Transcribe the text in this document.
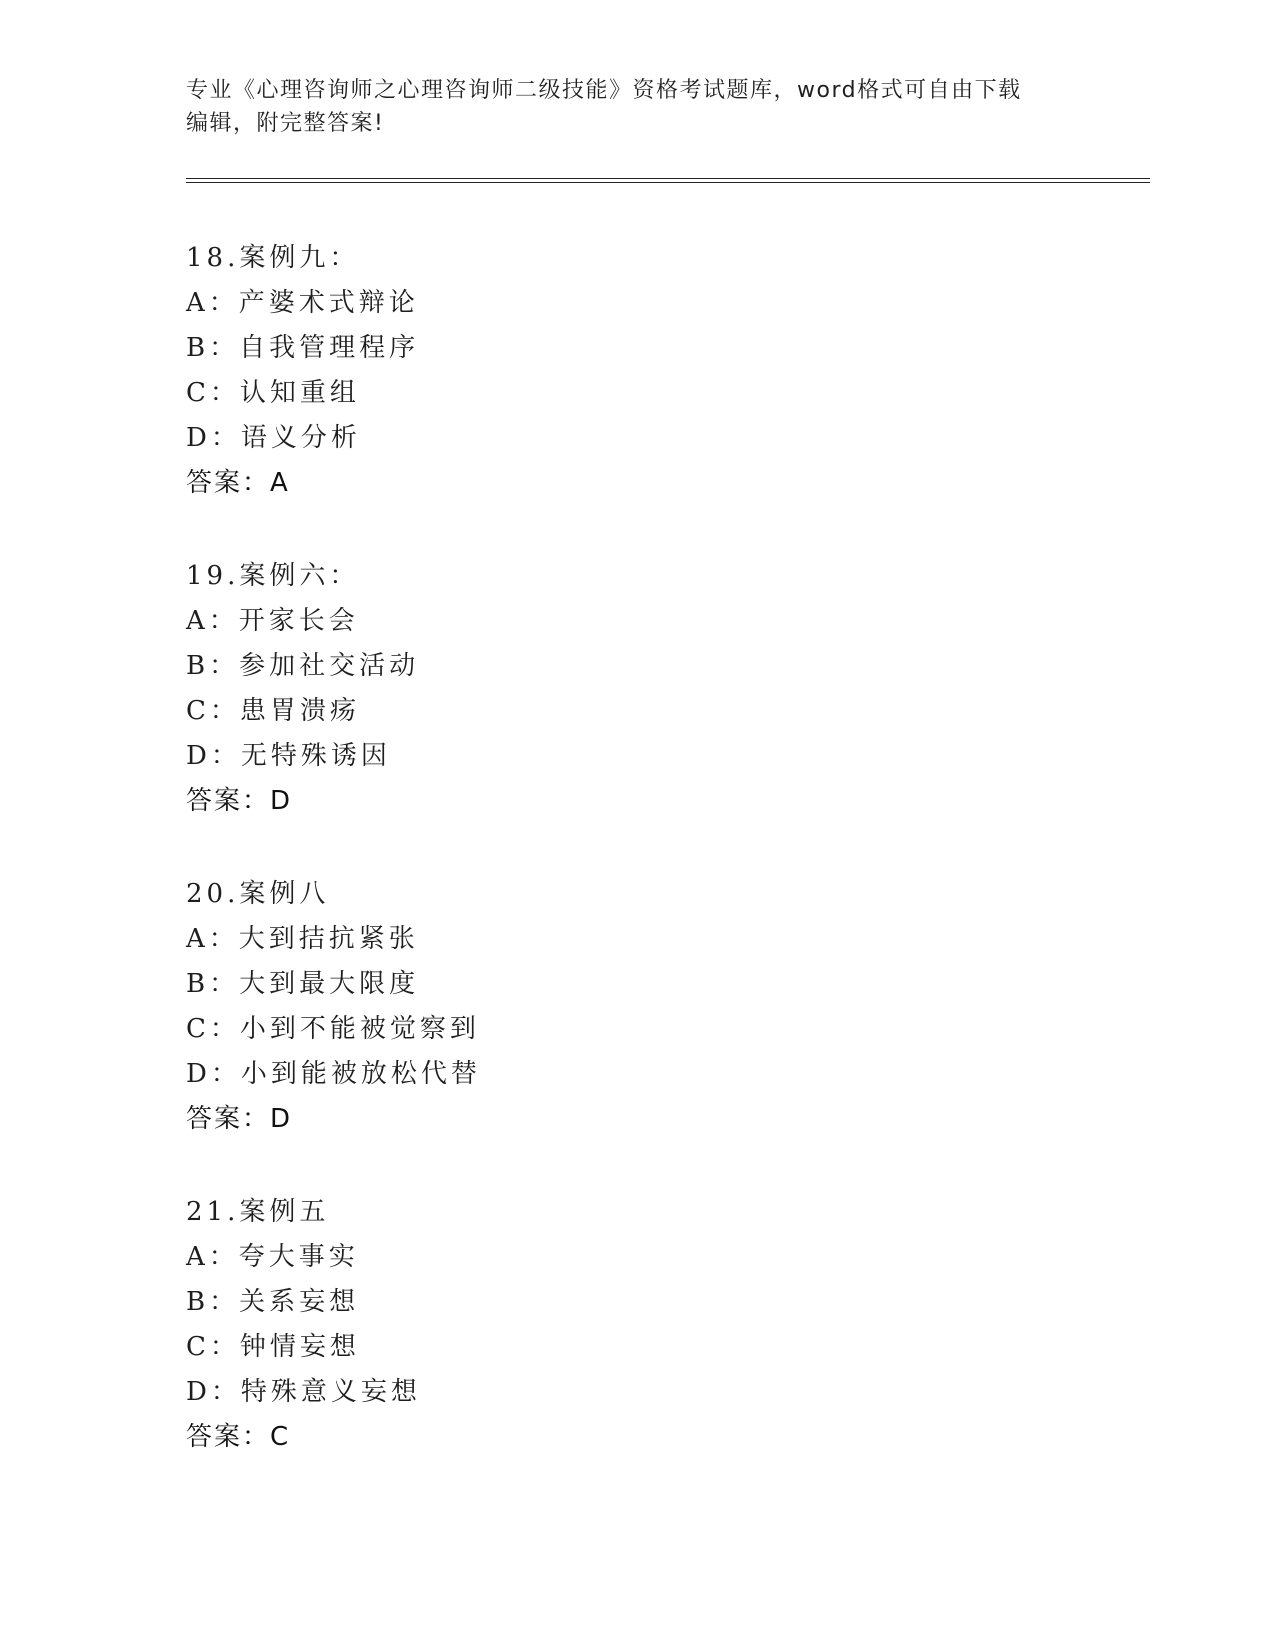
专业《心理咨询师之心理咨询师二级技能》资格考试题库，word格式可自由下载
编辑，附完整答案!
18.案例九：
A：产婆术式辩论
B：自我管理程序
C：认知重组
D：语义分析
答案：A
19.案例六：
A：开家长会
B：参加社交活动
C：患胃溃疡
D：无特殊诱因
答案：D
20.案例八
A：大到拮抗紧张
B：大到最大限度
C：小到不能被觉察到
D：小到能被放松代替
答案：D
21.案例五
A：夸大事实
B：关系妄想
C：钟情妄想
D：特殊意义妄想
答案：C
